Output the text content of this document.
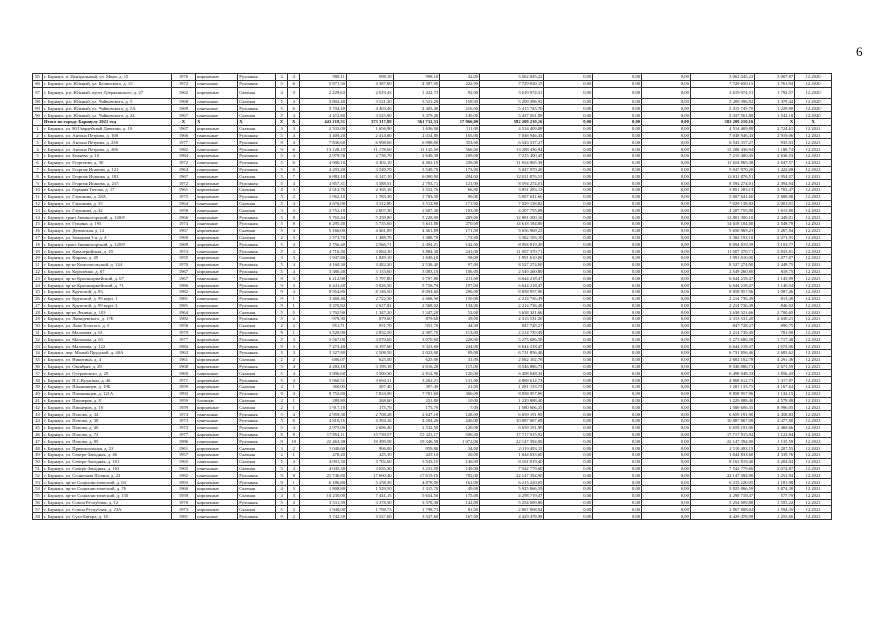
6
85	г. Барнаул, п. Центральный, ул. Мира, д. 15	1976	кирпичные	Рулонная	2	4	998,11	998,10	998,10	42,00	3 062 045,22	0,00	0,00	0,00	3 062 045,22	3 067,87	12.2020
86	г. Барнаул, р.п. Южный, ул. Белинского, д. 15	1972	панельные	Рулонная	5	6	5 871,30	4 387,00	4 387,00	222,00	7 729 650,15	0,00	0,00	0,00	7 729 650,15	1 761,94	12.2020
87	г. Барнаул, р.п. Южный, пр-кт Дзержинского, д. 27	1962	кирпичные	Скатная	4	3	2 229,63	2 019,43	1 422,73	92,00	3 619 974,51	0,00	0,00	0,00	3 619 974,51	1 792,57	12.2020
88	г. Барнаул, р.п. Южный, ул. Чайковского, д. 5	1968	панельные	Скатная	5	4	3 804,40	3 521,20	3 521,20	158,00	5 209 396,92	0,00	0,00	0,00	5 209 396,92	1 479,44	12.2020
89	г. Барнаул, р.п. Южный, ул. Чайковского, д. 5А	1969	панельные	Рулонная	5	6	5 704,20	4 403,40	4 403,40	216,00	5 415 745,70	0,00	0,00	0,00	5 415 745,70	1 229,90	12.2020
90	г. Барнаул, р.п. Южный, ул. Чайковского, д. 24	1967	панельные	Скатная	5	4	4 472,80	3 525,90	3 379,40	149,00	5 437 561,88	0,00	0,00	0,00	5 437 561,88	1 542,18	12.2020
	Итого по городу Барнаулу 2021 год	X	X	X	X	X	443 218,51	373 317,88	361 732,53	17 966,00	582 209 210,16	0,00	0,00	0,00	582 209 210,16	X	X
1	г. Барнаул, ул. 80 Гвардейской Дивизии, д. 10	1967	кирпичные	Скатная	3	3	2 533,00	1 656,90	1 656,90	111,00	4 514 409,88	0,00	0,00	0,00	4 514 409,88	2 724,61	12.2021
2	г. Барнаул, ул. Антона Петрова, д. 108	1966	панельные	Рулонная	5	4	3 409,20	2 414,80	2 414,80	165,00	7 048 946,43	0,00	0,00	0,00	7 048 946,43	2 919,06	12.2021
3	г. Барнаул, ул. Антона Петрова, д. 238	1977	панельные	Рулонная	9	4	7 836,60	6 998,00	6 998,00	353,00	6 543 317,27	0,00	0,00	0,00	6 543 317,27	935,03	12.2021
4	г. Барнаул, ул. Антона Петрова, д. 266	1982	панельные	Рулонная	9	6	13 128,10	11 178,60	11 135,50	566,00	13 288 436,94	0,00	0,00	0,00	13 288 436,94	1 188,74	12.2021
5	г. Барнаул, ул. Беляева, д. 10	1984	кирпичные	Рулонная	5	4	2 979,58	2 736,70	2 649,30	109,00	7 215 400,45	0,00	0,00	0,00	7 215 400,45	2 636,53	12.2021
6	г. Барнаул, ул. Георгиева, д. 30	1972	панельные	Рулонная	5	6	4 906,10	4 402,10	4 402,10	236,00	11 654 865,38	0,00	0,00	0,00	11 654 865,38	2 647,57	12.2021
7	г. Барнаул, ул. Георгия Исакова, д. 121	1964	панельные	Рулонная	5	6	4 293,20	3 549,70	3 549,70	173,00	5 047 970,20	0,00	0,00	0,00	5 047 970,20	1 422,08	12.2021
8	г. Барнаул, ул. Георгия Исакова, д. 181	1967	панельные	Скатная	5	7	6 882,10	6 147,10	6 000,00	294,00	12 011 876,51	0,00	0,00	0,00	12 011 876,51	1 954,07	12.2021
9	г. Барнаул, ул. Георгия Исакова, д. 215	1972	кирпичные	Рулонная	5	4	3 857,31	3 588,51	2 703,71	121,00	8 594 274,01	0,00	0,00	0,00	8 594 274,01	2 394,94	12.2021
10	г. Барнаул, ул. Германа Титова, д. 17	1961	кирпичные	Скатная	4	3	2 312,76	2 165,16	1 552,76	66,00	3 851 283,13	0,00	0,00	0,00	3 851 283,13	2 702,47	12.2021
11	г. Барнаул, ул. Глушкова, д. 28А	1975	кирпичные	Рулонная	5	2	1 962,10	1 783,30	1 783,30	90,00	5 007 641,66	0,00	0,00	0,00	5 007 641,66	2 808,08	12.2021
12	г. Барнаул, ул. Глушкова, д. 35	1964	панельные	Скатная	5	4	4 676,00	3 512,80	3 512,80	171,00	7 029 138,82	0,00	0,00	0,00	7 029 138,82	2 001,01	12.2021
13	г. Барнаул, ул. Глушкова, д. 42	1958	панельные	Скатная	3	3	3 752,10	2 607,30	2 607,30	103,00	4 207 755,08	0,00	0,00	0,00	4 207 755,08	1 613,80	12.2021
14	г. Барнаул, тракт Змеиногорский, д. 120/8	1966	панельные	Рулонная	5	8	5 765,44	5 259,80	5 228,00	209,00	12 881 300,10	0,00	0,00	0,00	12 881 300,10	2 449,01	12.2021
15	г. Барнаул, ул. Гущина, д. 195	1974	панельные	Рулонная	5	8	6 295,40	5 735,60	5 611,80	270,00	14 618 184,00	0,00	0,00	0,00	14 618 184,00	2 548,70	12.2021
16	г. Барнаул, ул. Деповская, д. 12	1967	кирпичные	Скатная	5	4	5 166,00	4 461,89	4 461,89	171,00	5 656 969,23	0,00	0,00	0,00	5 656 969,23	1 267,84	12.2021
17	г. Барнаул, ул. Западная 1-я, д. 4	1960	кирпичные	Скатная	2	3	1 573,70	1 488,70	1 488,70	72,00	3 382 193,10	0,00	0,00	0,00	3 382 193,10	2 271,91	12.2021
18	г. Барнаул, тракт Змеиногорский, д. 120/8	1969	кирпичные	Рулонная	5	4	2 756,40	2 566,71	2 494,21	142,00	8 094 819,39	0,00	0,00	0,00	8 094 819,39	3 153,77	12.2021
19	г. Барнаул, ул. Кавалерийская, д. 20	1974	панельные	Рулонная	5	2	4 716,30	3 884,30	3 884,30	241,00	11 007 370,71	0,00	0,00	0,00	11 007 370,71	2 833,81	12.2021
20	г. Барнаул, ул. Кирова, д. 49	1955	кирпичные	Скатная	3	3	1 947,80	1 849,10	1 849,10	58,00	1 991 610,00	0,00	0,00	0,00	1 991 610,00	1 077,07	12.2021
21	г. Барнаул, пр-кт Комсомольский, д. 134	1970	кирпичные	Рулонная	5	4	4 160,30	3 482,30	2 538,40	97,00	8 527 274,00	0,00	0,00	0,00	8 527 274,00	2 448,75	12.2021
22	г. Барнаул, ул. Короленко, д. 67	1967	кирпичные	Рулонная	5	4	3 380,40	3 133,60	3 083,10	106,00	2 549 260,80	0,00	0,00	0,00	2 549 260,80	818,75	12.2021
23	г. Барнаул, пр-кт Красноармейский, д. 67	1967	панельные	Рулонная	9	3	6 212,90	5 797,80	5 797,80	211,00	6 644 218,47	0,00	0,00	0,00	6 644 218,47	1 145,99	12.2021
24	г. Барнаул, пр-кт Красноармейский, д. 71	1986	кирпичные	Рулонная	9	3	6 241,40	5 826,50	5 758,70	197,00	6 644 218,47	0,00	0,00	0,00	6 644 218,47	1 140,34	12.2021
25	г. Барнаул, ул. Крупской, д. 93	1982	кирпичные	Рулонная	9	4	8 954,80	8 146,50	8 094,60	296,00	8 858 957,96	0,00	0,00	0,00	8 858 957,96	1 087,46	12.2021
26	г. Барнаул, ул. Крупской, д. 99 корп. 1	1981	панельные	Рулонная	9	1	3 460,40	2 722,50	2 668,30	150,00	2 214 736,49	0,00	0,00	0,00	2 214 736,49	813,49	12.2021
27	г. Барнаул, ул. Крупской, д. 99 корп. 2	1981	панельные	Рулонная	9	1	3 370,82	2 617,82	2 568,02	134,00	2 214 736,49	0,00	0,00	0,00	2 214 736,49	846,02	12.2021
28	г. Барнаул, пр-кт Ленина, д. 103	1964	кирпичные	Скатная	5	5	1 702,90	1 347,20	1 347,20	52,00	3 638 321,66	0,00	0,00	0,00	3 638 321,66	2 700,65	12.2021
29	г. Барнаул, ул. Ляпидевского, д. 17Б	1982	кирпичные	Рулонная	5	2	979,30	879,60	879,60	39,00	2 313 531,20	0,00	0,00	0,00	2 313 531,20	2 630,21	12.2021
30	г. Барнаул, ул. Льва Толстого, д. 5	1958	кирпичные	Скатная	2	2	951,71	951,70	951,70	44,00	847 728,27	0,00	0,00	0,00	847 728,27	890,75	12.2021
31	г. Барнаул, ул. Малахова, д. 61	1979	кирпичные	Рулонная	9	1	3 528,90	2 832,50	2 387,70	113,00	2 214 739,49	0,00	0,00	0,00	2 214 739,49	781,90	12.2021
32	г. Барнаул, ул. Малахова, д. 63	1977	кирпичные	Рулонная	5	3	3 567,00	3 070,60	3 070,60	228,00	5 273 686,58	0,00	0,00	0,00	5 273 686,58	1 717,48	12.2021
33	г. Барнаул, ул. Малахова, д. 122	1984	кирпичные	Рулонная	9	3	7 272,40	6 197,60	5 323,60	244,00	6 644 218,47	0,00	0,00	0,00	6 644 218,47	1 072,06	12.2021
34	г. Барнаул, пер. Малый Прудской, д. 40А	1963	кирпичные	Рулонная	5	3	3 327,80	2 508,50	2 023,00	89,00	6 731 856,46	0,00	0,00	0,00	6 731 856,46	2 683,62	12.2021
35	г. Барнаул, ул. Никитина, д. 4	1961	кирпичные	Скатная	2	2	686,07	625,00	625,00	31,00	2 682 102,78	0,00	0,00	0,00	2 682 102,78	4 291,36	12.2021
36	г. Барнаул, ул. Октябрят, д. 29	1968	кирпичные	Рулонная	5	4	4 283,18	3 199,18	2 616,28	115,00	8 546 886,73	0,00	0,00	0,00	8 546 886,73	2 671,59	12.2021
37	г. Барнаул, ул. Островского, д. 29	1969	панельные	Скатная	5	4	3 896,60	3 500,30	2 812,90	120,00	6 498 048,33	0,00	0,00	0,00	6 498 048,33	1 856,43	12.2021
38	г. Барнаул, ул. П.С.Кулагина, д. 46	1971	кирпичные	Рулонная	5	4	3 960,51	3 694,31	3 262,21	131,00	4 868 612,73	0,00	0,00	0,00	4 868 612,73	1 317,87	12.2021
39	г. Барнаул, ул. Папанинцев, д. 19Б	1959	кирпичные	Скатная	2	1	360,00	307,40	307,40	21,00	1 281 133,75	0,00	0,00	0,00	1 281 133,75	4 167,64	12.2021
40	г. Барнаул, ул. Папанинцев, д. 121А	1993	кирпичные	Рулонная	9	4	8 752,80	7 824,90	7 781,60	306,00	8 858 957,96	0,00	0,00	0,00	8 858 957,96	1 132,15	12.2021
41	г. Барнаул, ул. Пионеров, д. 8	1959	блочные	Скатная	2	1	289,80	268,60	251,80	10,00	1 229 888,40	0,00	0,00	0,00	1 229 888,40	4 578,88	12.2021
42	г. Барнаул, ул. Пионеров, д. 10	1959	кирпичные	Скатная	2	1	1 917,10	175,70	175,70	7,00	1 580 606,35	0,00	0,00	0,00	1 580 606,35	8 996,05	12.2021
43	г. Барнаул, ул. Попова, д. 34	1974	панельные	Рулонная	5	4	2 959,38	2 708,28	2 647,18	128,00	6 659 191,90	0,00	0,00	0,00	6 659 191,90	2 458,83	12.2021
44	г. Барнаул, ул. Попова, д. 38	1973	панельные	Рулонная	5	6	4 810,16	4 394,16	4 284,26	240,00	10 887 867,08	0,00	0,00	0,00	10 887 867,08	2 477,80	12.2021
45	г. Барнаул, ул. Попова, д. 40	1973	панельные	Рулонная	5	4	2 975,00	2 696,40	2 532,50	120,00	6 659 191,90	0,00	0,00	0,00	6 659 191,90	2 469,66	12.2021
46	г. Барнаул, ул. Попова, д. 72	1977	кирпичные	Рулонная	9	8	17 854,11	15 739,57	15 323,17	506,00	17 717 915,92	0,00	0,00	0,00	17 717 915,92	1 122,84	12.2021
47	г. Барнаул, ул. Попова, д. 85	1986	панельные	Рулонная	9	10	22 463,38	19 499,58	19 346,58	1 072,00	22 147 394,90	0,00	0,00	0,00	22 147 394,90	1 135,59	12.2021
48	г. Барнаул, ул. Привокзальная, д. 53	1961	кирпичные	Скатная	3	2	1 040,60	906,00	959,80	34,00	2 119 493,15	0,00	0,00	0,00	2 119 493,15	2 207,55	12.2021
49	г. Барнаул, ул. Северо-Западная, д. 46	1957	кирпичные	Скатная	2	1	478,20	425,10	425,10	20,00	1 844 833,60	0,00	0,00	0,00	1 844 833,60	4 339,76	12.2021
50	г. Барнаул, ул. Северо-Западная, д. 161	1965	панельные	Скатная	5	4	4 091,30	3 702,60	3 543,10	146,00	8 161 819,40	0,00	0,00	0,00	8 161 819,40	2 204,04	12.2021
51	г. Барнаул, ул. Северо-Западная, д. 163	1965	панельные	Скатная	5	4	4 045,30	3 635,30	3 231,50	149,00	7 542 779,60	0,00	0,00	0,00	7 542 779,60	2 074,87	12.2021
52	г. Барнаул, ул. Солнечная Поляна, д. 23	1982	панельные	Рулонная	9	8	21 746,80	17 690,40	17 619,10	782,00	22 147 394,90	0,00	0,00	0,00	22 147 394,90	1 251,94	12.2021
53	г. Барнаул, пр-кт Социалистический, д. 63	1993	кирпичные	Рулонная	9	1	6 186,80	5 258,30	4 878,00	161,00	6 215 220,05	0,00	0,00	0,00	6 215 220,05	1 181,98	12.2021
54	г. Барнаул, пр-кт Социалистический, д. 76	1960	кирпичные	Скатная	4	3	1 808,80	1 529,50	1 315,70	49,00	5 925 866,59	0,00	0,00	0,00	5 925 866,59	3 874,38	12.2021
55	г. Барнаул, пр-кт Социалистический, д. 130	1959	кирпичные	Скатная	4	3	10 230,00	7 441,15	5 654,50	175,00	4 298 719,47	0,00	0,00	0,00	4 298 719,47	577,70	12.2021
56	г. Барнаул, ул. Союза Республик, д. 12	1970	кирпичные	Рулонная	5	4	3 531,39	3 378,30	3 378,30	142,00	5 254 009,80	0,00	0,00	0,00	5 254 009,80	1 555,22	12.2021
57	г. Барнаул, ул. Союза Республик, д. 23А	1973	кирпичные	Скатная	5	2	1 948,00	1 798,73	1 798,73	81,00	2 867 808,04	0,00	0,00	0,00	2 867 808,04	1 594,35	12.2021
58	г. Барнаул, ул. Сухэ-Батора, д. 10	1981	панельные	Рулонная	9	2	3 742,50	3 527,60	3 527,60	167,00	4 429 478,98	0,00	0,00	0,00	4 429 478,98	1 255,66	12.2021
